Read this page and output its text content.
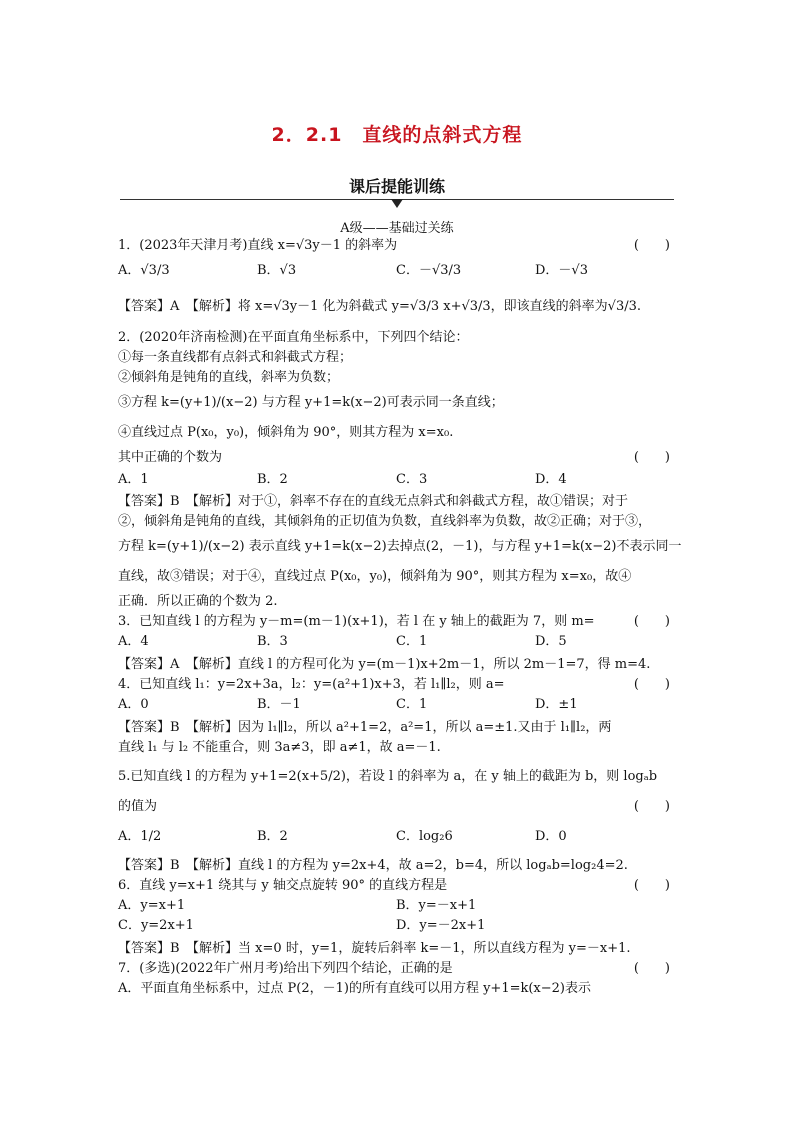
2．2.1　直线的点斜式方程
课后提能训练
A级——基础过关练
1．(2023年天津月考)直线 x=√3y－1 的斜率为	(　　)
A．√3/3	B．√3	C．－√3/3	D．－√3
【答案】A　【解析】将 x=√3y－1 化为斜截式 y=√3/3 x+√3/3，即该直线的斜率为√3/3.
2．(2020年济南检测)在平面直角坐标系中，下列四个结论：
①每一条直线都有点斜式和斜截式方程；
②倾斜角是钝角的直线，斜率为负数；
③方程 k=(y+1)/(x−2) 与方程 y+1=k(x−2)可表示同一条直线；
④直线过点 P(x₀，y₀)，倾斜角为 90°，则其方程为 x=x₀.
其中正确的个数为	(　　)
A．1	B．2	C．3	D．4
【答案】B　【解析】对于①，斜率不存在的直线无点斜式和斜截式方程，故①错误；对于
②，倾斜角是钝角的直线，其倾斜角的正切值为负数，直线斜率为负数，故②正确；对于③，
方程 k=(y+1)/(x−2) 表示直线 y+1=k(x−2)去掉点(2，－1)，与方程 y+1=k(x−2)不表示同一
直线，故③错误；对于④，直线过点 P(x₀，y₀)，倾斜角为 90°，则其方程为 x=x₀，故④
正确．所以正确的个数为 2.
3．已知直线 l 的方程为 y－m=(m－1)(x+1)，若 l 在 y 轴上的截距为 7，则 m=	(　　)
A．4	B．3	C．1	D．5
【答案】A　【解析】直线 l 的方程可化为 y=(m－1)x+2m－1，所以 2m－1=7，得 m=4.
4．已知直线 l₁：y=2x+3a，l₂：y=(a²+1)x+3，若 l₁∥l₂，则 a=	(　　)
A．0	B．－1	C．1	D．±1
【答案】B　【解析】因为 l₁∥l₂，所以 a²+1=2，a²=1，所以 a=±1.又由于 l₁∥l₂，两
直线 l₁ 与 l₂ 不能重合，则 3a≠3，即 a≠1，故 a=－1.
5.已知直线 l 的方程为 y+1=2(x+5/2)，若设 l 的斜率为 a，在 y 轴上的截距为 b，则 logₐb
的值为	(　　)
A．1/2	B．2	C．log₂6	D．0
【答案】B　【解析】直线 l 的方程为 y=2x+4，故 a=2，b=4，所以 logₐb=log₂4=2.
6．直线 y=x+1 绕其与 y 轴交点旋转 90° 的直线方程是	(　　)
A．y=x+1	B．y=－x+1
C．y=2x+1	D．y=－2x+1
【答案】B　【解析】当 x=0 时，y=1，旋转后斜率 k=－1，所以直线方程为 y=－x+1.
7．(多选)(2022年广州月考)给出下列四个结论，正确的是	(　　)
A．平面直角坐标系中，过点 P(2，－1)的所有直线可以用方程 y+1=k(x−2)表示
